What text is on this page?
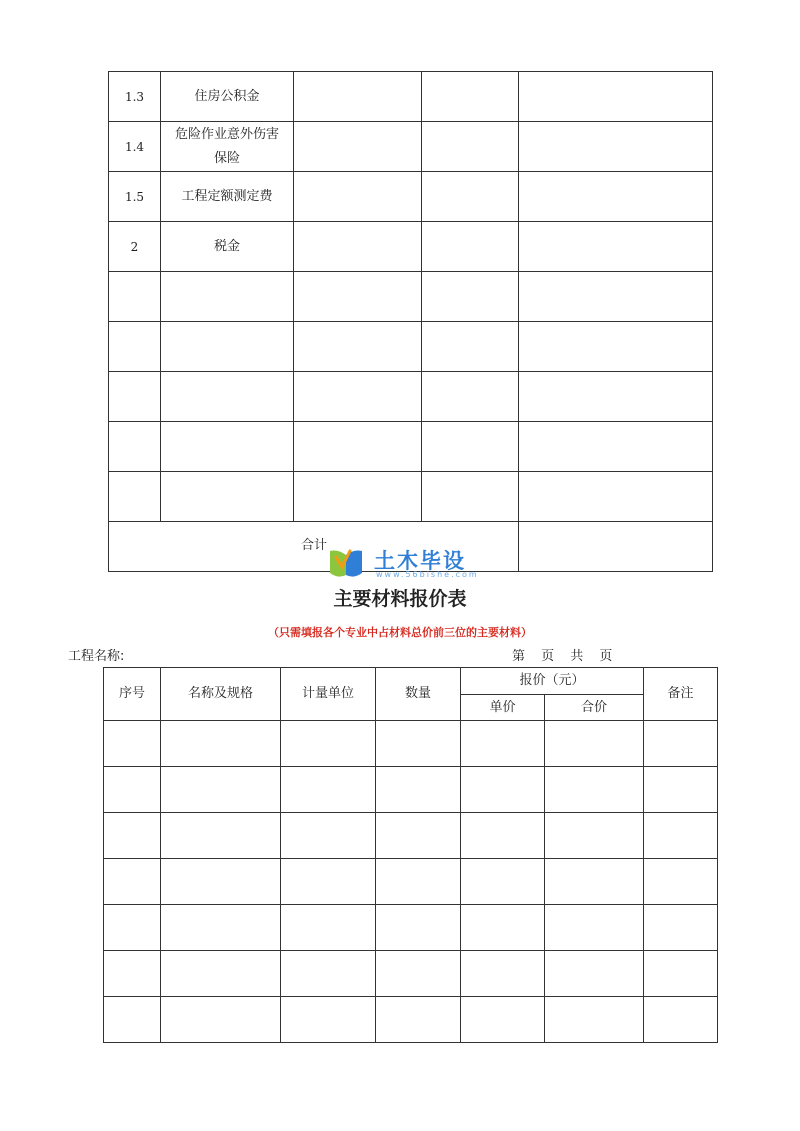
1.3	住房公积金			
1.4	危险作业意外伤害保险			
1.5	工程定额测定费			
2	税金			

合计				
土木毕设
www.56bishe.com
主要材料报价表
（只需填报各个专业中占材料总价前三位的主要材料）
工程名称:	第 页 共 页
序号	名称及规格	计量单位	数量	报价（元）		备注
				单价	合价	
